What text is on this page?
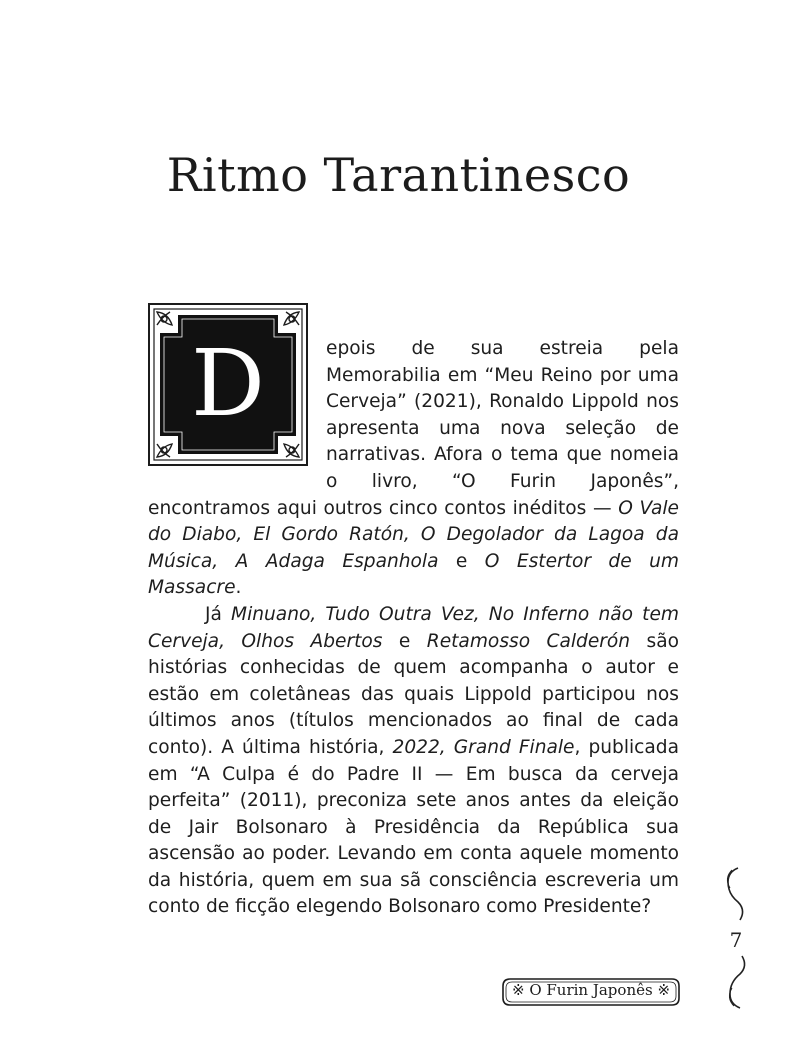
Ritmo Tarantinesco
D	epois de sua estreia pela Memorabilia em “Meu Reino por uma Cerveja” (2021), Ronaldo Lippold nos apresenta uma nova seleção de narrativas. Afora o tema que nomeia o livro, “O Furin Japonês”, encontramos aqui outros cinco contos inéditos — O Vale do Diabo, El Gordo Ratón, O Degolador da Lagoa da Música, A Adaga Espanhola e O Estertor de um Massacre.

Já Minuano, Tudo Outra Vez, No Inferno não tem Cerveja, Olhos Abertos e Retamosso Calderón são histórias conhecidas de quem acompanha o autor e estão em coletâneas das quais Lippold participou nos últimos anos (títulos mencionados ao final de cada conto). A última história, 2022, Grand Finale, publicada em “A Culpa é do Padre II — Em busca da cerveja perfeita” (2011), preconiza sete anos antes da eleição de Jair Bolsonaro à Presidência da República sua ascensão ao poder. Levando em conta aquele momento da história, quem em sua sã consciência escreveria um conto de ficção elegendo Bolsonaro como Presidente?

7
※ O Furin Japonês ※
